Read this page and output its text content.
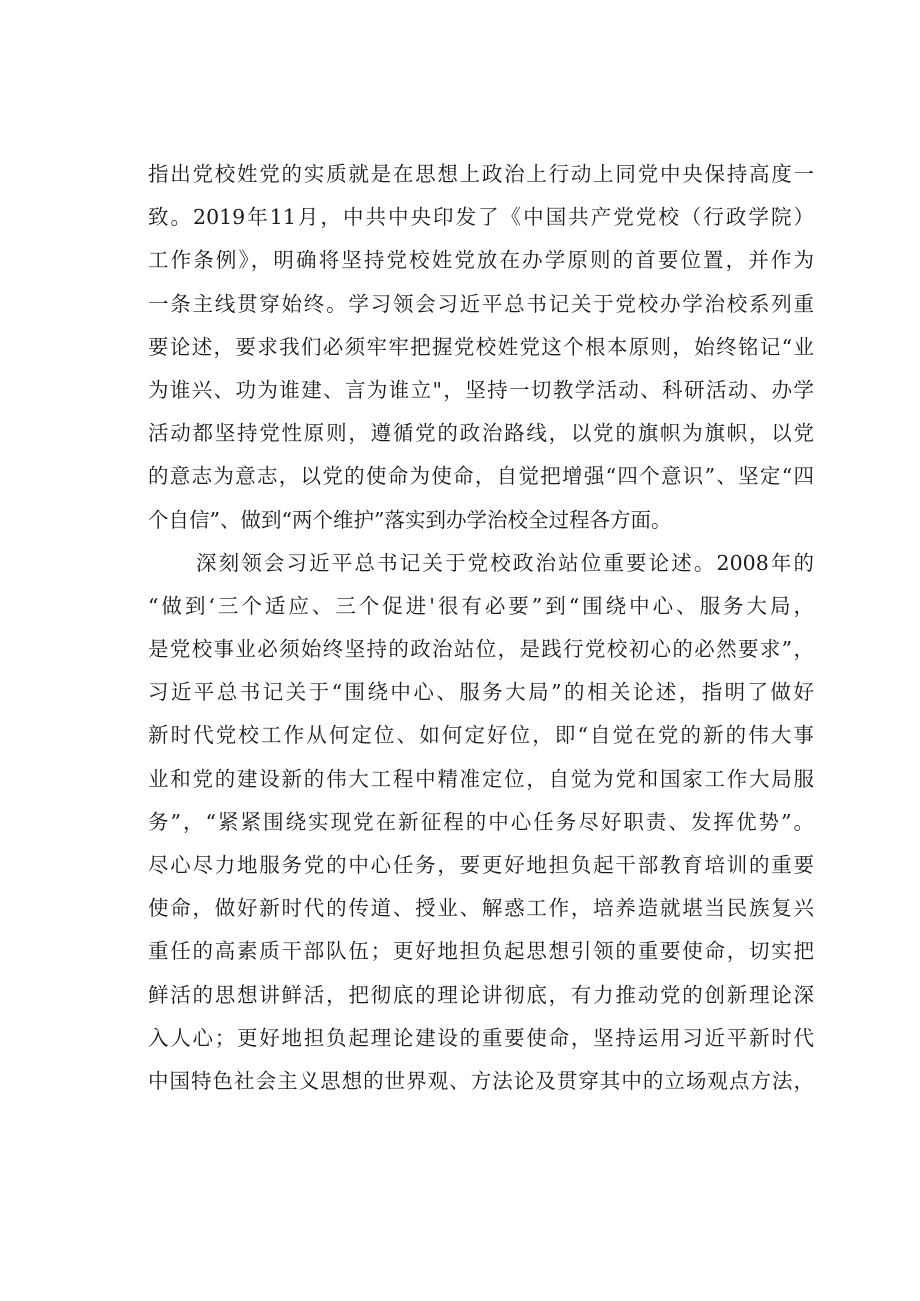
指出党校姓党的实质就是在思想上政治上行动上同党中央保持高度一
致。2019年11月，中共中央印发了《中国共产党党校（行政学院）
工作条例》，明确将坚持党校姓党放在办学原则的首要位置，并作为
一条主线贯穿始终。学习领会习近平总书记关于党校办学治校系列重
要论述，要求我们必须牢牢把握党校姓党这个根本原则，始终铭记“业
为谁兴、功为谁建、言为谁立"，坚持一切教学活动、科研活动、办学
活动都坚持党性原则，遵循党的政治路线，以党的旗帜为旗帜，以党
的意志为意志，以党的使命为使命，自觉把增强“四个意识”、坚定“四
个自信”、做到“两个维护”落实到办学治校全过程各方面。
深刻领会习近平总书记关于党校政治站位重要论述。2008年的
“做到‘三个适应、三个促进'很有必要”到“围绕中心、服务大局，
是党校事业必须始终坚持的政治站位，是践行党校初心的必然要求”，
习近平总书记关于“围绕中心、服务大局”的相关论述，指明了做好
新时代党校工作从何定位、如何定好位，即“自觉在党的新的伟大事
业和党的建设新的伟大工程中精准定位，自觉为党和国家工作大局服
务”，“紧紧围绕实现党在新征程的中心任务尽好职责、发挥优势”。
尽心尽力地服务党的中心任务，要更好地担负起干部教育培训的重要
使命，做好新时代的传道、授业、解惑工作，培养造就堪当民族复兴
重任的高素质干部队伍；更好地担负起思想引领的重要使命，切实把
鲜活的思想讲鲜活，把彻底的理论讲彻底，有力推动党的创新理论深
入人心；更好地担负起理论建设的重要使命，坚持运用习近平新时代
中国特色社会主义思想的世界观、方法论及贯穿其中的立场观点方法，
